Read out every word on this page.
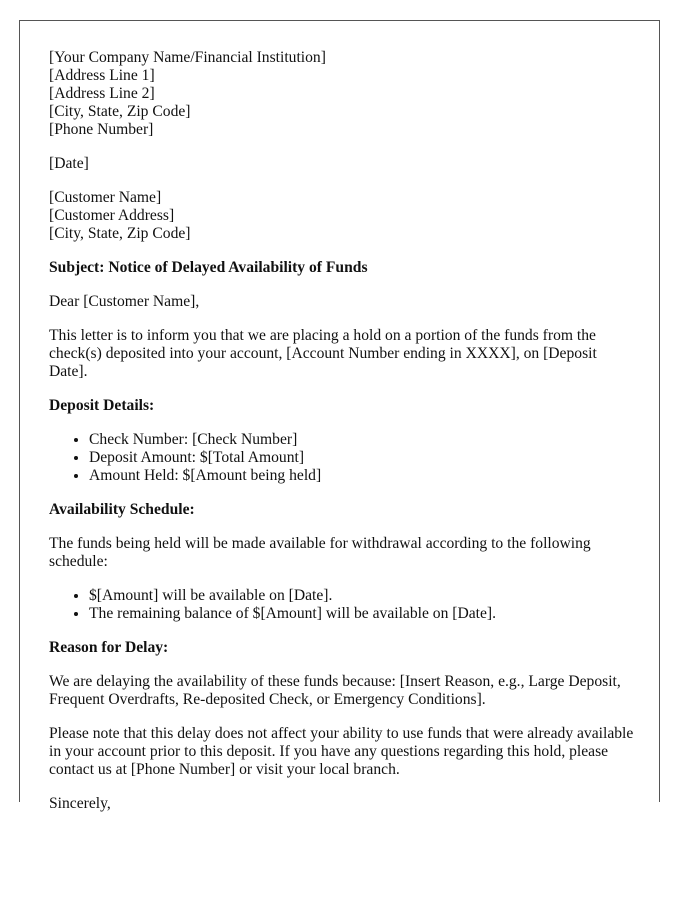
[Your Company Name/Financial Institution]
[Address Line 1]
[Address Line 2]
[City, State, Zip Code]
[Phone Number]

[Date]

[Customer Name]
[Customer Address]
[City, State, Zip Code]

Subject: Notice of Delayed Availability of Funds

Dear [Customer Name],

This letter is to inform you that we are placing a hold on a portion of the funds from the check(s) deposited into your account, [Account Number ending in XXXX], on [Deposit Date].

Deposit Details:

• Check Number: [Check Number]
• Deposit Amount: $[Total Amount]
• Amount Held: $[Amount being held]

Availability Schedule:

The funds being held will be made available for withdrawal according to the following schedule:

• $[Amount] will be available on [Date].
• The remaining balance of $[Amount] will be available on [Date].

Reason for Delay:

We are delaying the availability of these funds because: [Insert Reason, e.g., Large Deposit, Frequent Overdrafts, Re-deposited Check, or Emergency Conditions].

Please note that this delay does not affect your ability to use funds that were already available in your account prior to this deposit. If you have any questions regarding this hold, please contact us at [Phone Number] or visit your local branch.

Sincerely,
